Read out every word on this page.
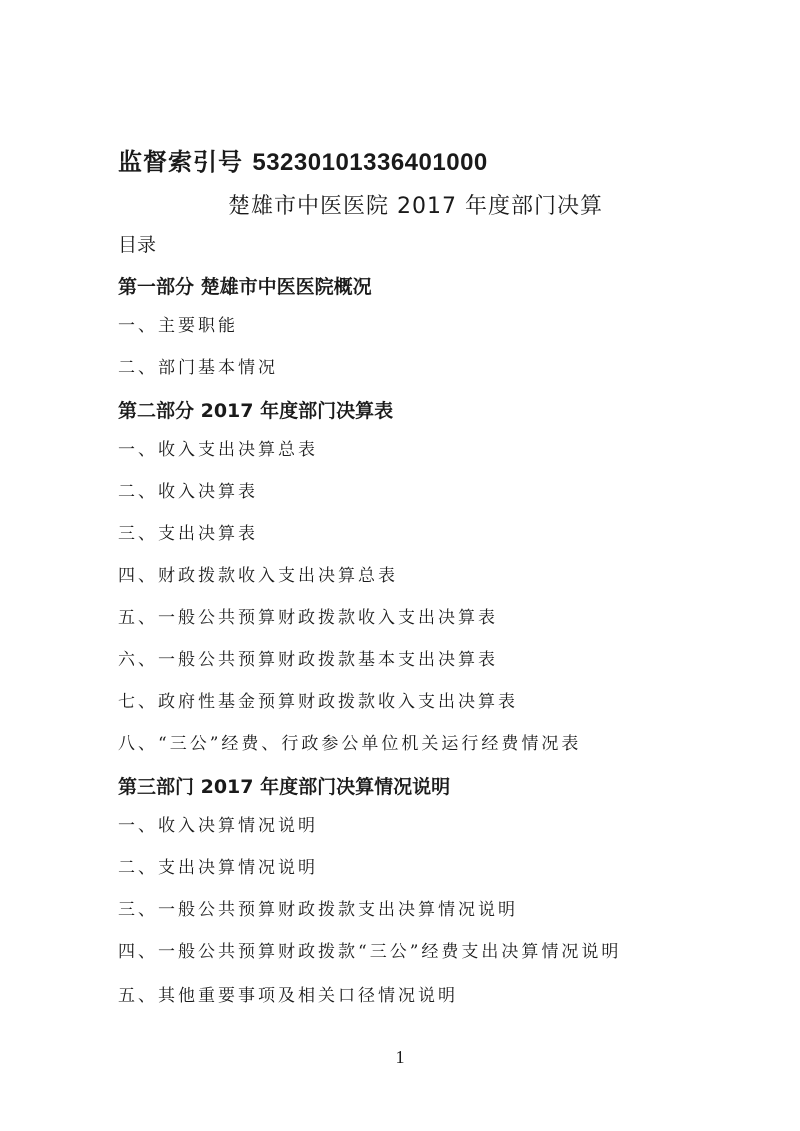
监督索引号 53230101336401000
楚雄市中医医院 2017 年度部门决算
目录
第一部分 楚雄市中医医院概况
一、主要职能
二、部门基本情况
第二部分 2017 年度部门决算表
一、收入支出决算总表
二、收入决算表
三、支出决算表
四、财政拨款收入支出决算总表
五、一般公共预算财政拨款收入支出决算表
六、一般公共预算财政拨款基本支出决算表
七、政府性基金预算财政拨款收入支出决算表
八、“三公”经费、行政参公单位机关运行经费情况表
第三部门 2017 年度部门决算情况说明
一、收入决算情况说明
二、支出决算情况说明
三、一般公共预算财政拨款支出决算情况说明
四、一般公共预算财政拨款“三公”经费支出决算情况说明
五、其他重要事项及相关口径情况说明
1
